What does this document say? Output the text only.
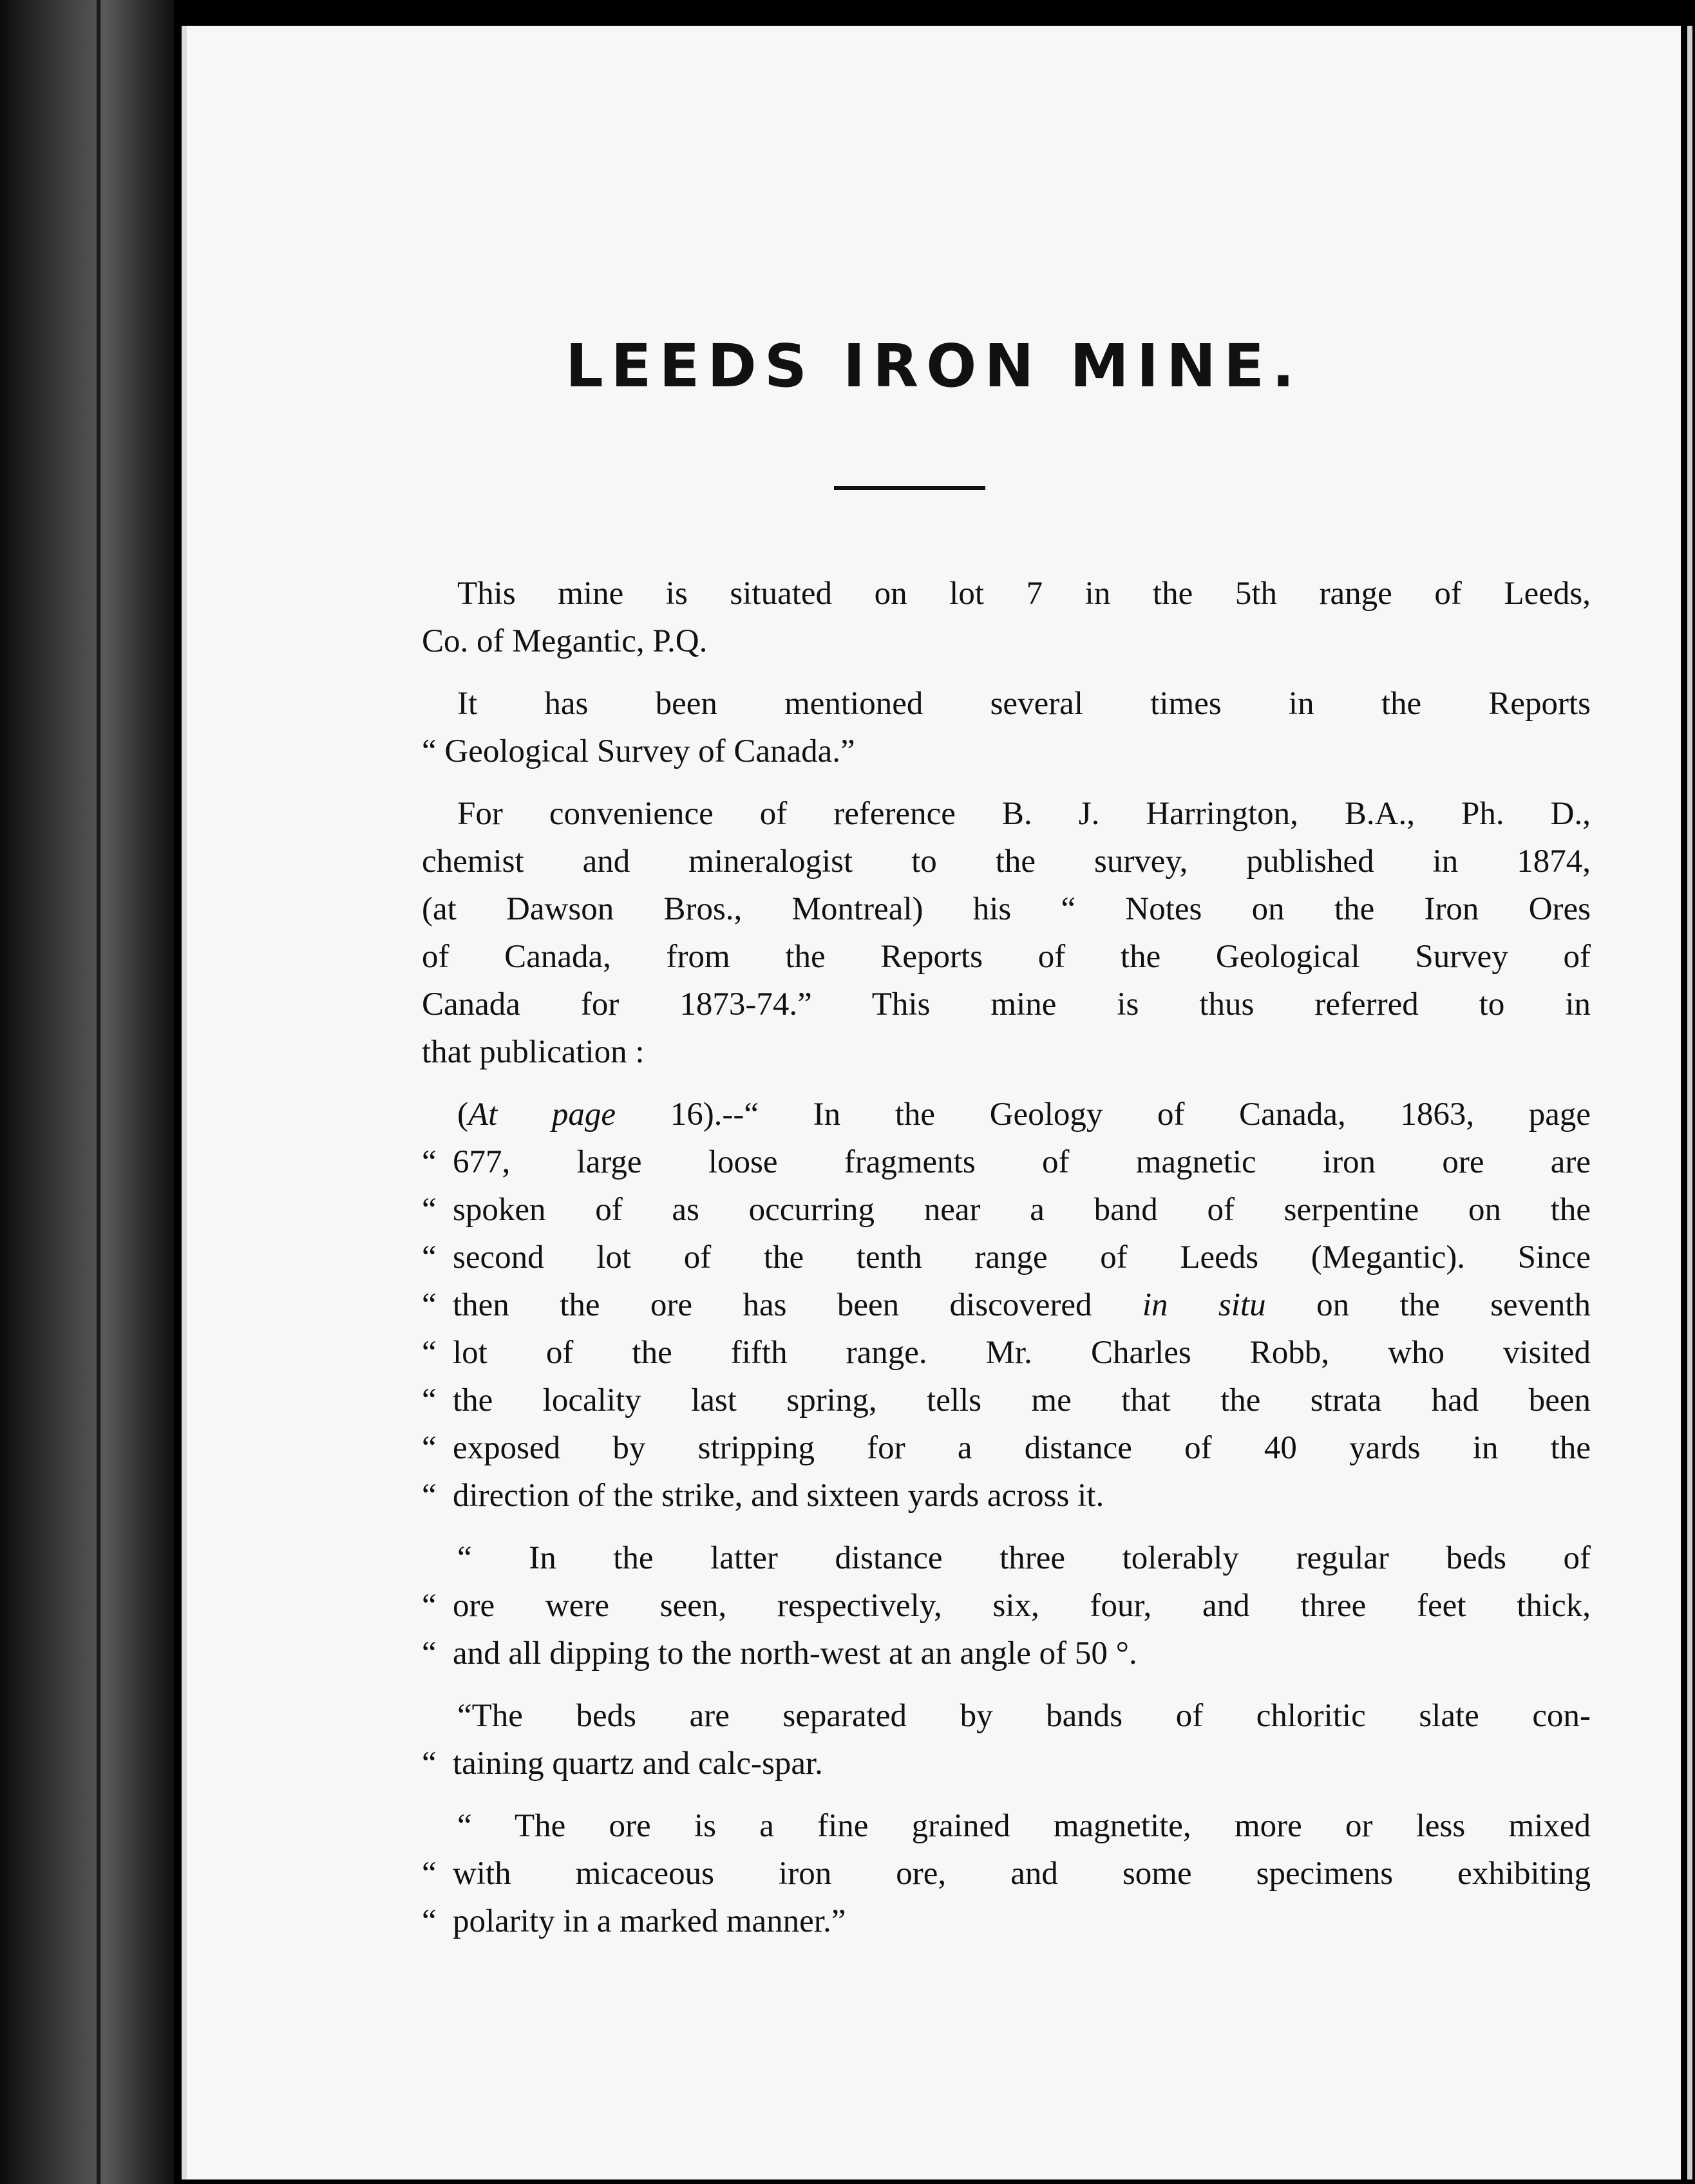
LEEDS IRON MINE.

This mine is situated on lot 7 in the 5th range of Leeds,
Co. of Megantic, P.Q.

It has been mentioned several times in the Reports
“ Geological Survey of Canada.”

For convenience of reference B. J. Harrington, B.A., Ph. D.,
chemist and mineralogist to the survey, published in 1874,
(at Dawson Bros., Montreal) his “ Notes on the Iron Ores
of Canada, from the Reports of the Geological Survey of
Canada for 1873-74.” This mine is thus referred to in
that publication :

(At page 16).--“ In the Geology of Canada, 1863, page
“ 677, large loose fragments of magnetic iron ore are
“ spoken of as occurring near a band of serpentine on the
“ second lot of the tenth range of Leeds (Megantic). Since
“ then the ore has been discovered in situ on the seventh
“ lot of the fifth range. Mr. Charles Robb, who visited
“ the locality last spring, tells me that the strata had been
“ exposed by stripping for a distance of 40 yards in the
“ direction of the strike, and sixteen yards across it.

“ In the latter distance three tolerably regular beds of
“ ore were seen, respectively, six, four, and three feet thick,
“ and all dipping to the north-west at an angle of 50 °.

“The beds are separated by bands of chloritic slate con-
“ taining quartz and calc-spar.

“ The ore is a fine grained magnetite, more or less mixed
“ with micaceous iron ore, and some specimens exhibiting
“ polarity in a marked manner.”
